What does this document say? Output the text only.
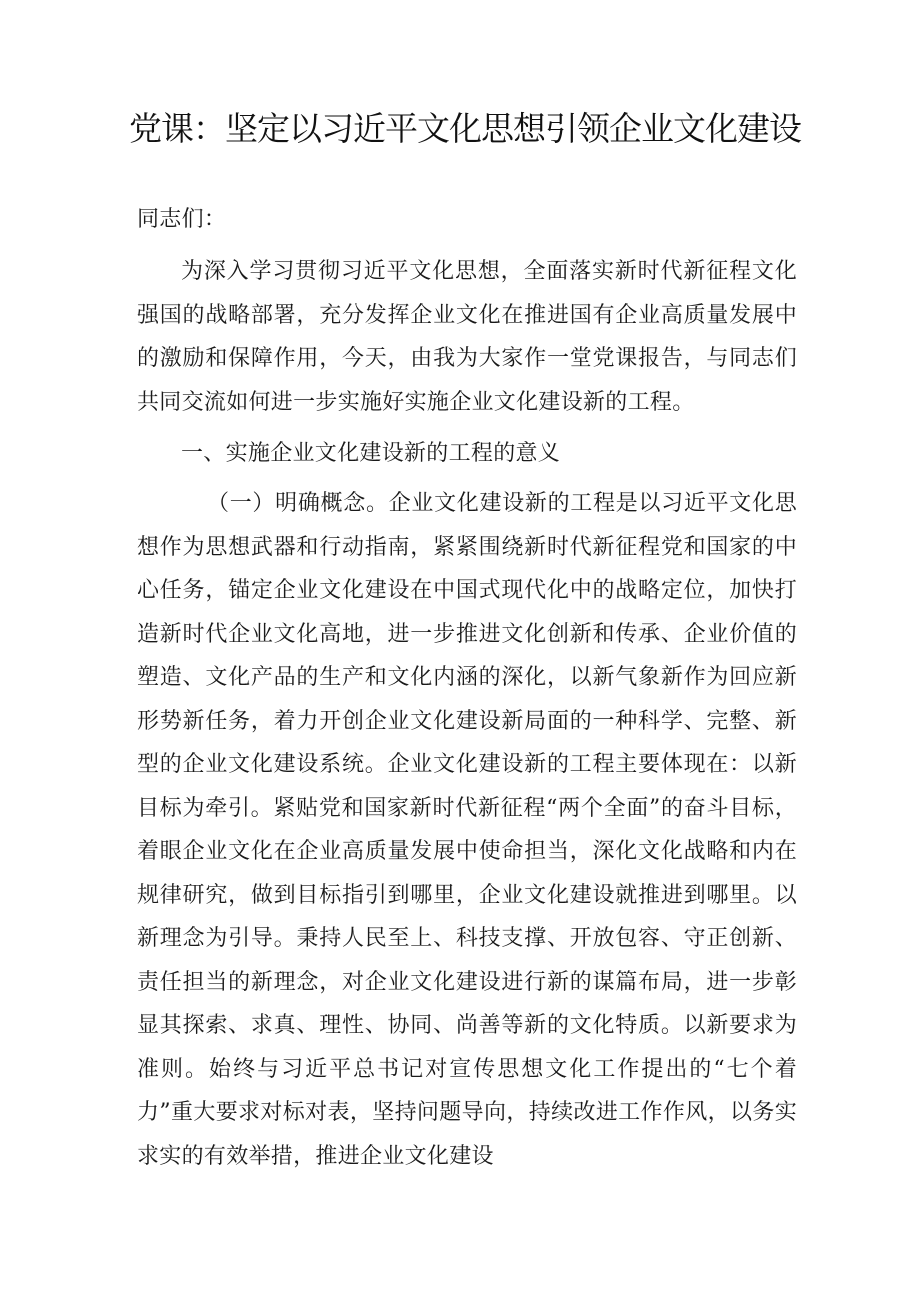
党课：坚定以习近平文化思想引领企业文化建设

同志们：

为深入学习贯彻习近平文化思想，全面落实新时代新征程文化强国的战略部署，充分发挥企业文化在推进国有企业高质量发展中的激励和保障作用，今天，由我为大家作一堂党课报告，与同志们共同交流如何进一步实施好实施企业文化建设新的工程。

一、实施企业文化建设新的工程的意义

（一）明确概念。企业文化建设新的工程是以习近平文化思想作为思想武器和行动指南，紧紧围绕新时代新征程党和国家的中心任务，锚定企业文化建设在中国式现代化中的战略定位，加快打造新时代企业文化高地，进一步推进文化创新和传承、企业价值的塑造、文化产品的生产和文化内涵的深化，以新气象新作为回应新形势新任务，着力开创企业文化建设新局面的一种科学、完整、新型的企业文化建设系统。企业文化建设新的工程主要体现在：以新目标为牵引。紧贴党和国家新时代新征程“两个全面”的奋斗目标，着眼企业文化在企业高质量发展中使命担当，深化文化战略和内在规律研究，做到目标指引到哪里，企业文化建设就推进到哪里。以新理念为引导。秉持人民至上、科技支撑、开放包容、守正创新、责任担当的新理念，对企业文化建设进行新的谋篇布局，进一步彰显其探索、求真、理性、协同、尚善等新的文化特质。以新要求为准则。始终与习近平总书记对宣传思想文化工作提出的“七个着力”重大要求对标对表，坚持问题导向，持续改进工作作风，以务实求实的有效举措，推进企业文化建设
